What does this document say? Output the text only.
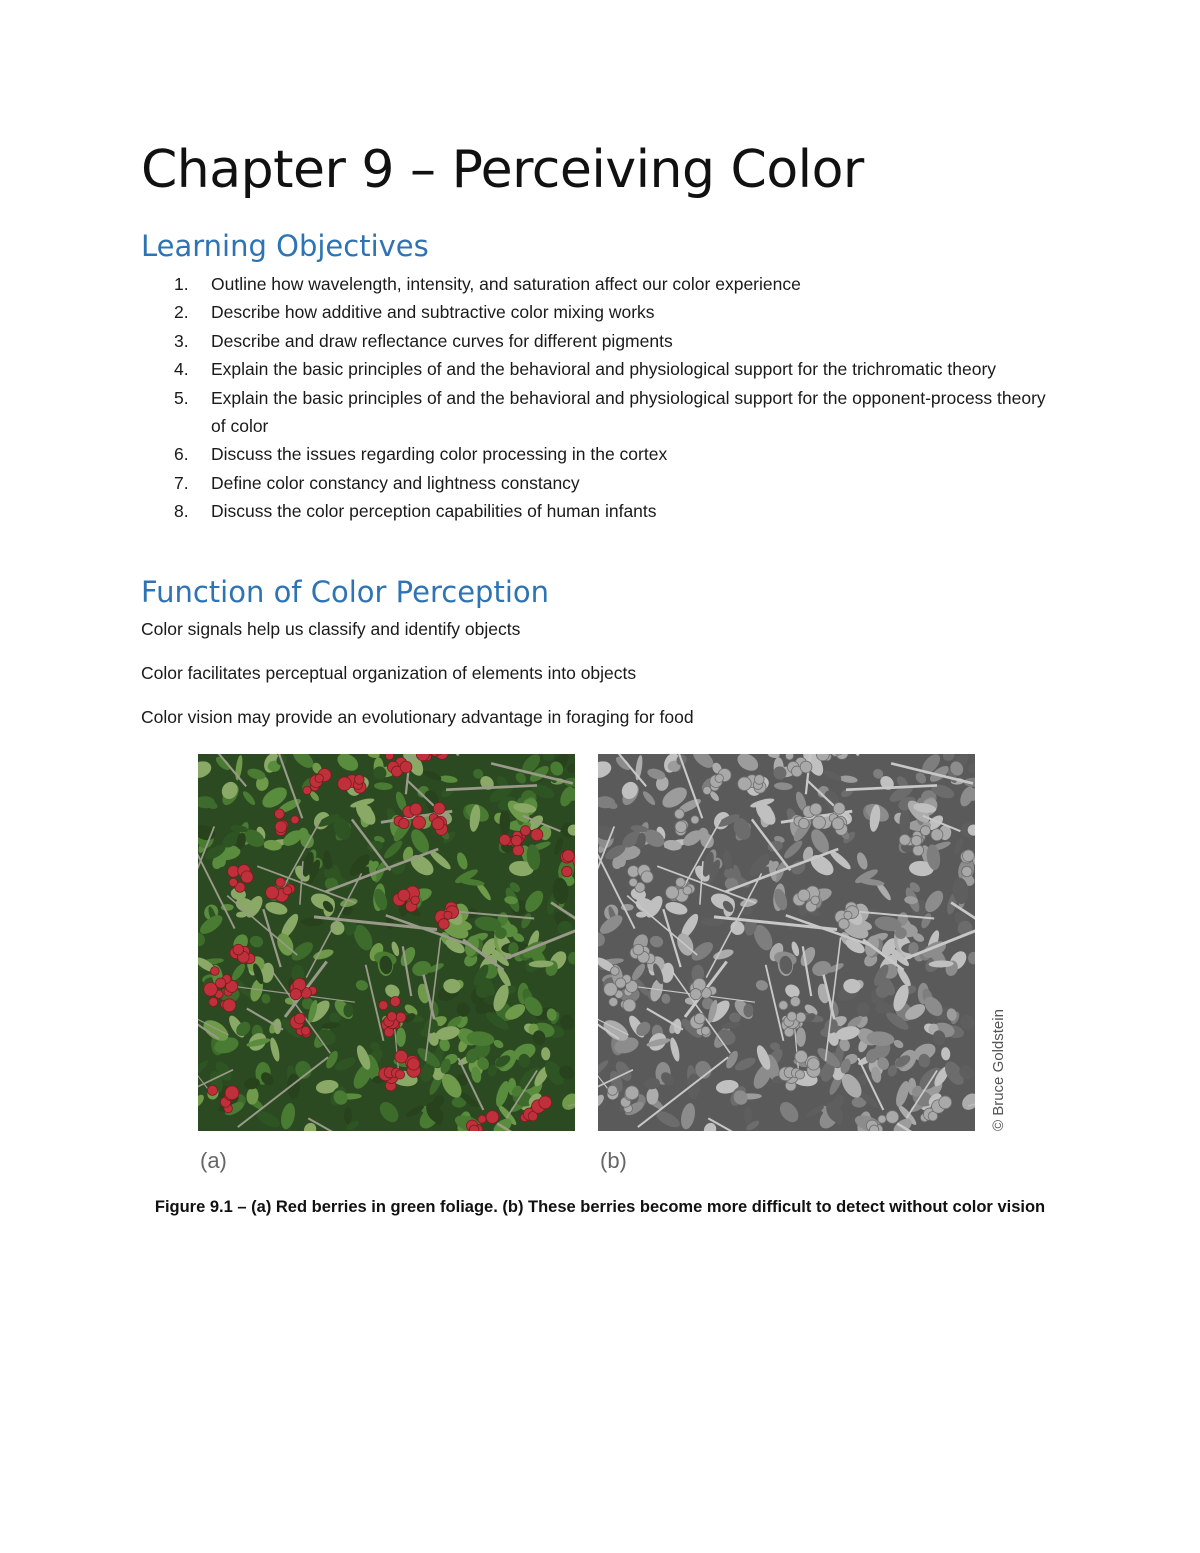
Chapter 9 – Perceiving Color
Learning Objectives
1.	Outline how wavelength, intensity, and saturation affect our color experience
2.	Describe how additive and subtractive color mixing works
3.	Describe and draw reflectance curves for different pigments
4.	Explain the basic principles of and the behavioral and physiological support for the trichromatic theory
5.	Explain the basic principles of and the behavioral and physiological support for the opponent-process theory of color
6.	Discuss the issues regarding color processing in the cortex
7.	Define color constancy and lightness constancy
8.	Discuss the color perception capabilities of human infants
Function of Color Perception

Color signals help us classify and identify objects

Color facilitates perceptual organization of elements into objects

Color vision may provide an evolutionary advantage in foraging for food

(a)	(b)
© Bruce Goldstein
Figure 9.1 – (a) Red berries in green foliage. (b) These berries become more difficult to detect without color vision
